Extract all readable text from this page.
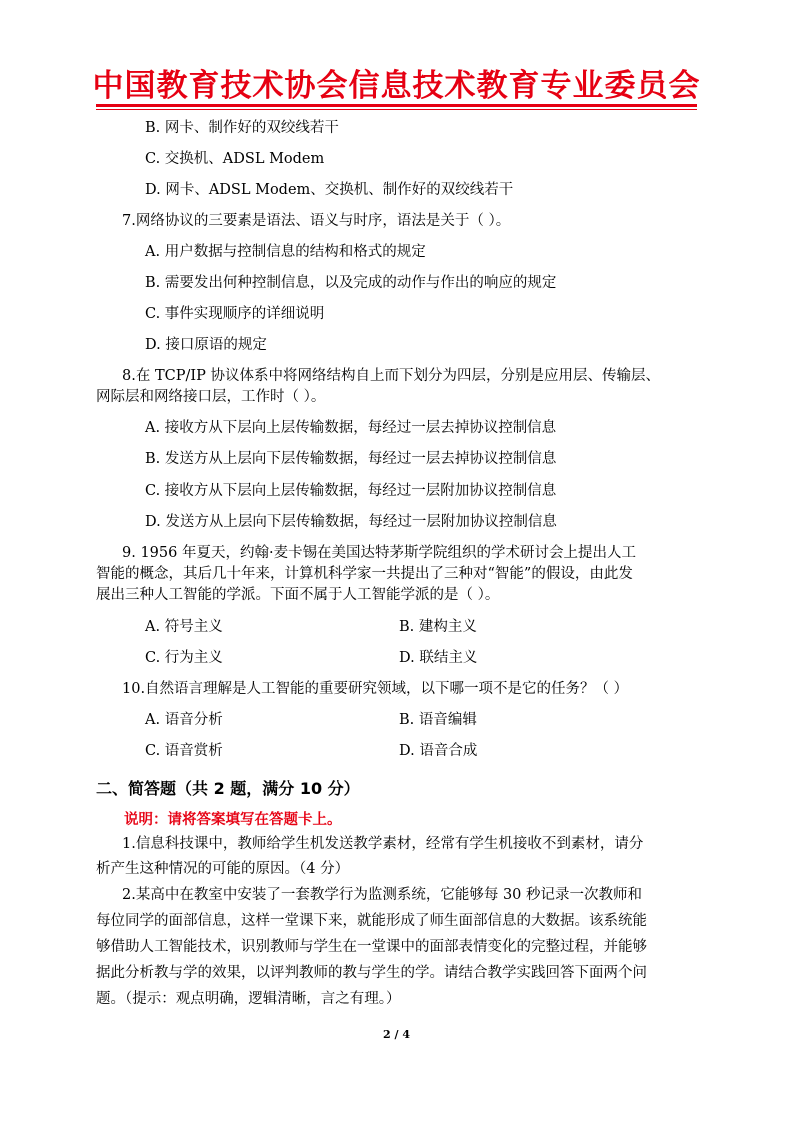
中国教育技术协会信息技术教育专业委员会
B. 网卡、制作好的双绞线若干
C. 交换机、ADSL Modem
D. 网卡、ADSL Modem、交换机、制作好的双绞线若干
7.网络协议的三要素是语法、语义与时序，语法是关于（ ）。
A. 用户数据与控制信息的结构和格式的规定
B. 需要发出何种控制信息，以及完成的动作与作出的响应的规定
C. 事件实现顺序的详细说明
D. 接口原语的规定
8.在 TCP/IP 协议体系中将网络结构自上而下划分为四层，分别是应用层、传输层、
网际层和网络接口层，工作时（ ）。
A. 接收方从下层向上层传输数据，每经过一层去掉协议控制信息
B. 发送方从上层向下层传输数据，每经过一层去掉协议控制信息
C. 接收方从下层向上层传输数据，每经过一层附加协议控制信息
D. 发送方从上层向下层传输数据，每经过一层附加协议控制信息
9. 1956 年夏天，约翰·麦卡锡在美国达特茅斯学院组织的学术研讨会上提出人工
智能的概念，其后几十年来，计算机科学家一共提出了三种对“智能”的假设，由此发
展出三种人工智能的学派。下面不属于人工智能学派的是（ ）。
A. 符号主义	B. 建构主义
C. 行为主义	D. 联结主义
10.自然语言理解是人工智能的重要研究领域，以下哪一项不是它的任务？（ ）
A. 语音分析	B. 语音编辑
C. 语音赏析	D. 语音合成
二、简答题（共 2 题，满分 10 分）
说明：请将答案填写在答题卡上。
1.信息科技课中，教师给学生机发送教学素材，经常有学生机接收不到素材，请分
析产生这种情况的可能的原因。（4 分）
2.某高中在教室中安装了一套教学行为监测系统，它能够每 30 秒记录一次教师和
每位同学的面部信息，这样一堂课下来，就能形成了师生面部信息的大数据。该系统能
够借助人工智能技术，识别教师与学生在一堂课中的面部表情变化的完整过程，并能够
据此分析教与学的效果，以评判教师的教与学生的学。请结合教学实践回答下面两个问
题。（提示：观点明确，逻辑清晰，言之有理。）
2 / 4
